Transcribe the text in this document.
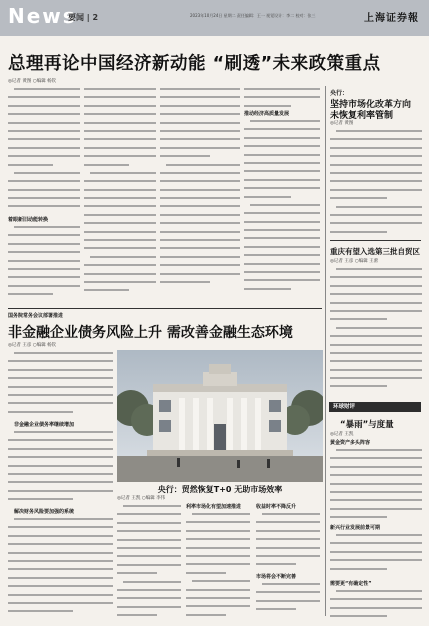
News
要闻 | 2	2023年10月24日 星期二 责任编辑：王一 视觉设计：李二 校对：张三	上海证券報
总理再论中国经济新动能 “刷透”未来政策重点
◎记者 黄图 ○编辑 杨钦
着眼新旧动能转换
推动经济高质量发展
央行：
坚持市场化改革方向
未恢复利率管制
◎记者 黄图
重庆有望入选第三批自贸区
◎记者 王彦 ○编辑 王蕾
环球财评
“暴雨”与度量
◎记者 王凯
黄金资产多头阵容
新兴行业发展前景可期
需要更“有确定性”
国务院常务会议部署推进
非金融企业债务风险上升 需改善金融生态环境
◎记者 王彦 ○编辑 杨钦
非金融企业债务率继续增加
解决财务风险要加强的系统
央行：贸然恢复T+0 无助市场效率
◎记者 王凯 ○编辑 李伟
利率市场化有望加速推进	收益时率不降反升
市场将会不断完善
